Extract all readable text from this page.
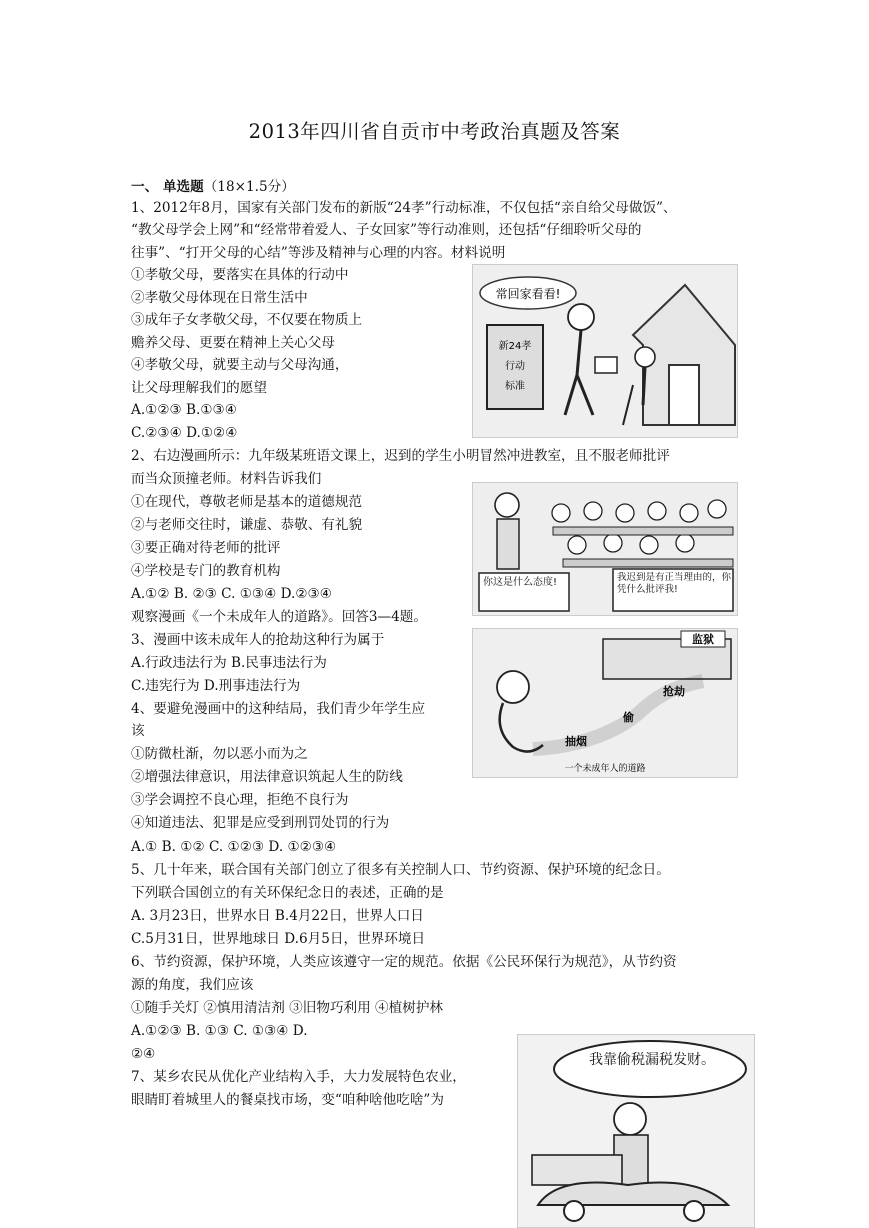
2013年四川省自贡市中考政治真题及答案
一、 单选题（18×1.5分）
1、2012年8月，国家有关部门发布的新版“24孝”行动标准，不仅包括“亲自给父母做饭”、
“教父母学会上网”和“经常带着爱人、子女回家”等行动准则，还包括“仔细聆听父母的
往事”、“打开父母的心结”等涉及精神与心理的内容。材料说明
①孝敬父母，要落实在具体的行动中
②孝敬父母体现在日常生活中
③成年子女孝敬父母，不仅要在物质上
赡养父母、更要在精神上关心父母
④孝敬父母，就要主动与父母沟通，
让父母理解我们的愿望
A.①②③ B.①③④
C.②③④ D.①②④
2、右边漫画所示：九年级某班语文课上，迟到的学生小明冒然冲进教室，且不服老师批评
而当众顶撞老师。材料告诉我们
①在现代，尊敬老师是基本的道德规范
②与老师交往时，谦虚、恭敬、有礼貌
③要正确对待老师的批评
④学校是专门的教育机构
A.①② B. ②③ C. ①③④ D.②③④
观察漫画《一个未成年人的道路》。回答3—4题。
3、漫画中该未成年人的抢劫这种行为属于
A.行政违法行为 B.民事违法行为
C.违宪行为 D.刑事违法行为
4、要避免漫画中的这种结局，我们青少年学生应
该
①防微杜渐，勿以恶小而为之
②增强法律意识，用法律意识筑起人生的防线
③学会调控不良心理，拒绝不良行为
④知道违法、犯罪是应受到刑罚处罚的行为
A.① B. ①② C. ①②③ D. ①②③④
5、几十年来，联合国有关部门创立了很多有关控制人口、节约资源、保护环境的纪念日。
下列联合国创立的有关环保纪念日的表述，正确的是
A. 3月23日，世界水日 B.4月22日，世界人口日
C.5月31日，世界地球日 D.6月5日，世界环境日
6、节约资源，保护环境，人类应该遵守一定的规范。依据《公民环保行为规范》，从节约资
源的角度，我们应该
①随手关灯 ②慎用清洁剂 ③旧物巧利用 ④植树护林
A.①②③ B. ①③ C. ①③④ D.
②④
7、某乡农民从优化产业结构入手，大力发展特色农业，
眼睛盯着城里人的餐桌找市场，变“咱种啥他吃啥”为
常回家看看!
新24孝
行动
标准
你这是什么态度!	我迟到是有正当理由的，你凭什么批评我!
监狱
抽烟
偷
抢劫
一个未成年人的道路
我靠偷税漏税发财。
